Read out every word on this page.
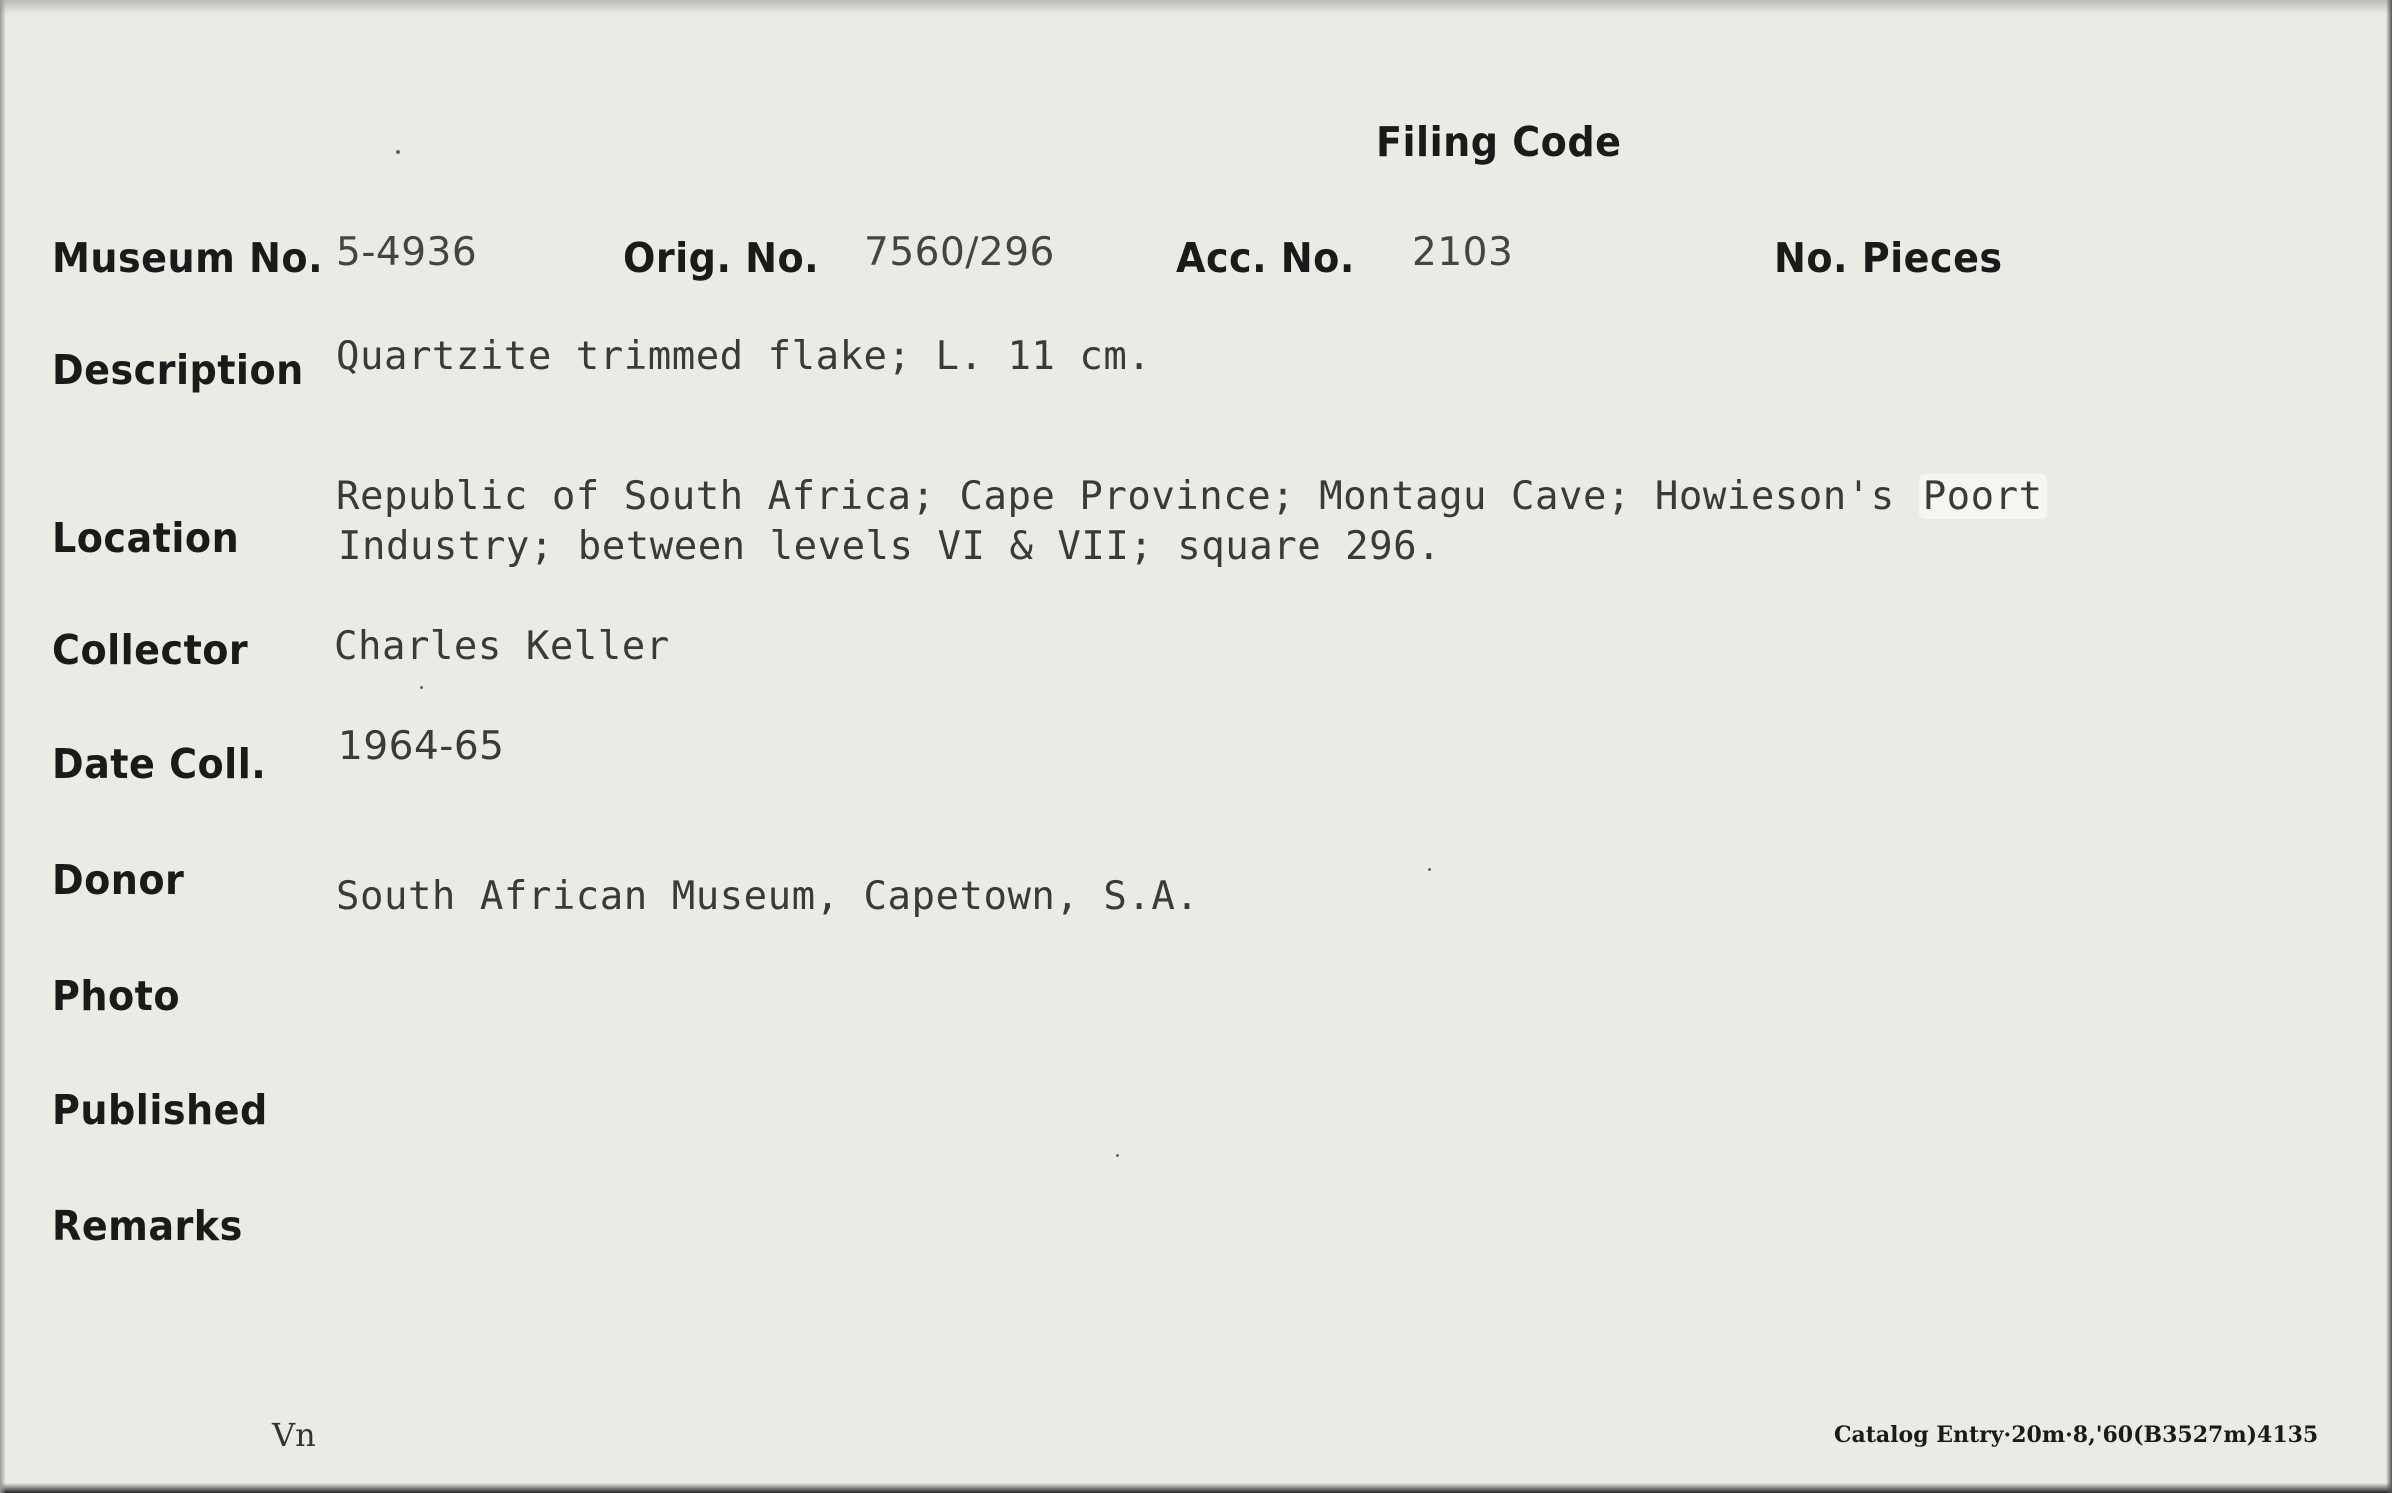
Filing Code
Museum No. 5-4936	Orig. No. 7560/296	Acc. No. 2103	No. Pieces
Description Quartzite trimmed flake; L. 11 cm.
Location
Republic of South Africa; Cape Province; Montagu Cave; Howieson's Poort
Industry; between levels VI & VII; square 296.
Collector Charles Keller
Date Coll. 1964-65
Donor	South African Museum, Capetown, S.A.
Photo
Published
Remarks
Vn	Catalog Entry·20m·8,'60(B3527m)4135
